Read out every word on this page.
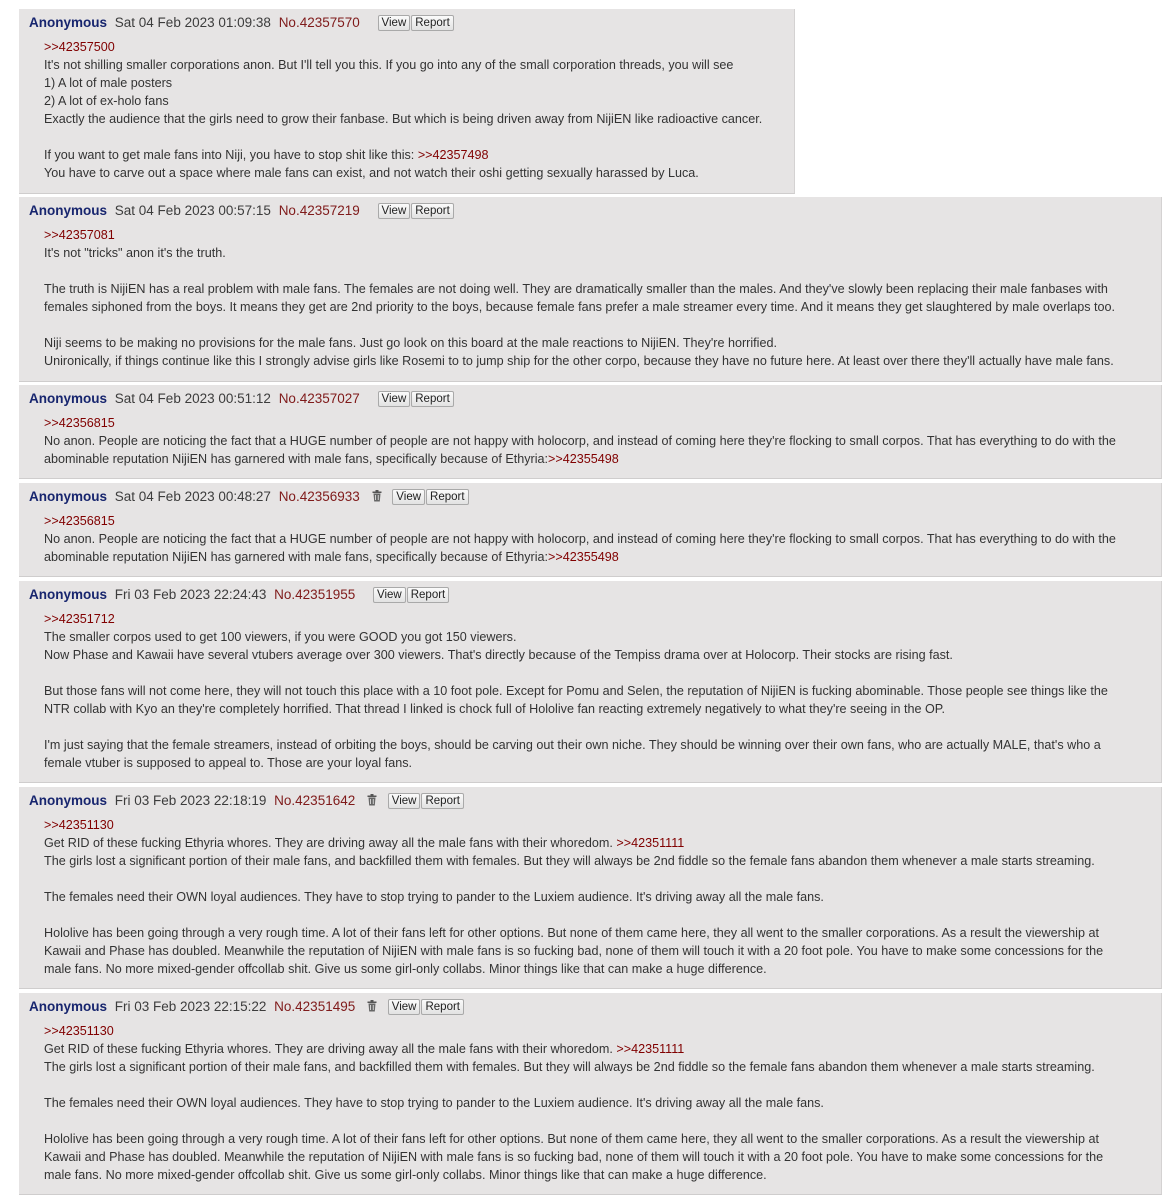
Anonymous Sat 04 Feb 2023 01:09:38 No.42357570 View Report
>>42357500
It's not shilling smaller corporations anon. But I'll tell you this. If you go into any of the small corporation threads, you will see
1) A lot of male posters
2) A lot of ex-holo fans
Exactly the audience that the girls need to grow their fanbase. But which is being driven away from NijiEN like radioactive cancer.
If you want to get male fans into Niji, you have to stop shit like this: >>42357498
You have to carve out a space where male fans can exist, and not watch their oshi getting sexually harassed by Luca.
Anonymous Sat 04 Feb 2023 00:57:15 No.42357219 View Report
>>42357081
It's not "tricks" anon it's the truth.
The truth is NijiEN has a real problem with male fans. The females are not doing well. They are dramatically smaller than the males. And they've slowly been replacing their male fanbases with
females siphoned from the boys. It means they get are 2nd priority to the boys, because female fans prefer a male streamer every time. And it means they get slaughtered by male overlaps too.
Niji seems to be making no provisions for the male fans. Just go look on this board at the male reactions to NijiEN. They're horrified.
Unironically, if things continue like this I strongly advise girls like Rosemi to to jump ship for the other corpo, because they have no future here. At least over there they'll actually have male fans.
Anonymous Sat 04 Feb 2023 00:51:12 No.42357027 View Report
>>42356815
No anon. People are noticing the fact that a HUGE number of people are not happy with holocorp, and instead of coming here they're flocking to small corpos. That has everything to do with the
abominable reputation NijiEN has garnered with male fans, specifically because of Ethyria:>>42355498
Anonymous Sat 04 Feb 2023 00:48:27 No.42356933	View Report
>>42356815
No anon. People are noticing the fact that a HUGE number of people are not happy with holocorp, and instead of coming here they're flocking to small corpos. That has everything to do with the
abominable reputation NijiEN has garnered with male fans, specifically because of Ethyria:>>42355498
Anonymous Fri 03 Feb 2023 22:24:43 No.42351955 View Report
>>42351712
The smaller corpos used to get 100 viewers, if you were GOOD you got 150 viewers.
Now Phase and Kawaii have several vtubers average over 300 viewers. That's directly because of the Tempiss drama over at Holocorp. Their stocks are rising fast.
But those fans will not come here, they will not touch this place with a 10 foot pole. Except for Pomu and Selen, the reputation of NijiEN is fucking abominable. Those people see things like the
NTR collab with Kyo an they're completely horrified. That thread I linked is chock full of Hololive fan reacting extremely negatively to what they're seeing in the OP.
I'm just saying that the female streamers, instead of orbiting the boys, should be carving out their own niche. They should be winning over their own fans, who are actually MALE, that's who a
female vtuber is supposed to appeal to. Those are your loyal fans.
Anonymous Fri 03 Feb 2023 22:18:19 No.42351642	View Report
>>42351130
Get RID of these fucking Ethyria whores. They are driving away all the male fans with their whoredom. >>42351111
The girls lost a significant portion of their male fans, and backfilled them with females. But they will always be 2nd fiddle so the female fans abandon them whenever a male starts streaming.
The females need their OWN loyal audiences. They have to stop trying to pander to the Luxiem audience. It's driving away all the male fans.
Hololive has been going through a very rough time. A lot of their fans left for other options. But none of them came here, they all went to the smaller corporations. As a result the viewership at
Kawaii and Phase has doubled. Meanwhile the reputation of NijiEN with male fans is so fucking bad, none of them will touch it with a 20 foot pole. You have to make some concessions for the
male fans. No more mixed-gender offcollab shit. Give us some girl-only collabs. Minor things like that can make a huge difference.
Anonymous Fri 03 Feb 2023 22:15:22 No.42351495	View Report
>>42351130
Get RID of these fucking Ethyria whores. They are driving away all the male fans with their whoredom. >>42351111
The girls lost a significant portion of their male fans, and backfilled them with females. But they will always be 2nd fiddle so the female fans abandon them whenever a male starts streaming.
The females need their OWN loyal audiences. They have to stop trying to pander to the Luxiem audience. It's driving away all the male fans.
Hololive has been going through a very rough time. A lot of their fans left for other options. But none of them came here, they all went to the smaller corporations. As a result the viewership at
Kawaii and Phase has doubled. Meanwhile the reputation of NijiEN with male fans is so fucking bad, none of them will touch it with a 20 foot pole. You have to make some concessions for the
male fans. No more mixed-gender offcollab shit. Give us some girl-only collabs. Minor things like that can make a huge difference.
